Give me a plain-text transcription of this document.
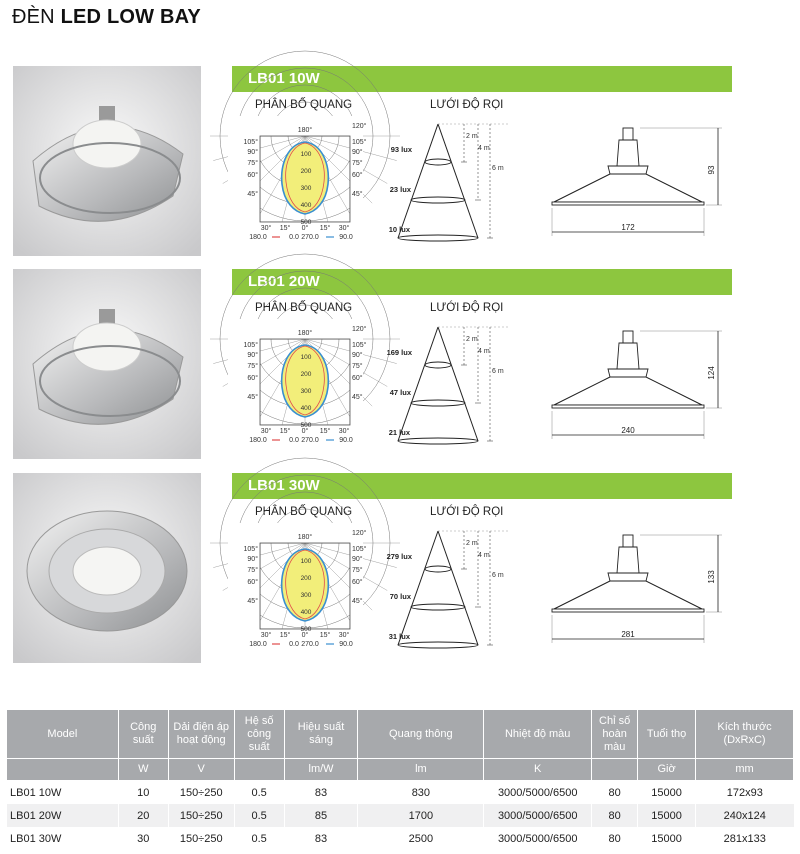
ĐÈN LED LOW BAY
LB01 10W
PHÂN BỐ QUANG	LƯỚI ĐỘ RỌI
180°
105°
90°
75°
60°
45°
120°
105°
90°
75°
60°
45°
100
200
300
400
500
30° 15° 0° 15° 30°
180.0	0.0 270.0	90.0
93 lux
23 lux
10 lux
2 m
4 m
6 m	93
172
LB01 20W
PHÂN BỐ QUANG	LƯỚI ĐỘ RỌI
180°
105°
90°
75°
60°
45°
120°
105°
90°
75°
60°
45°
100
200
300
400
500
30° 15° 0° 15° 30°
180.0	0.0 270.0	90.0
169 lux
47 lux
21 lux
2 m
4 m
6 m	124
240
LB01 30W
PHÂN BỐ QUANG	LƯỚI ĐỘ RỌI
180°
105°
90°
75°
60°
45°
120°
105°
90°
75°
60°
45°
100
200
300
400
500
30° 15° 0° 15° 30°
180.0	0.0 270.0	90.0
279 lux
70 lux
31 lux
2 m
4 m
6 m	133
281
Model	Công suất	Dải điện áp hoạt động	Hệ số công suất	Hiệu suất sáng	Quang thông	Nhiệt độ màu	Chỉ số hoàn màu	Tuổi thọ	Kích thước (DxRxC)
	W	V		lm/W	lm	K		Giờ	mm
LB01 10W	10	150÷250	0.5	83	830	3000/5000/6500	80	15000	172x93
LB01 20W	20	150÷250	0.5	85	1700	3000/5000/6500	80	15000	240x124
LB01 30W	30	150÷250	0.5	83	2500	3000/5000/6500	80	15000	281x133
